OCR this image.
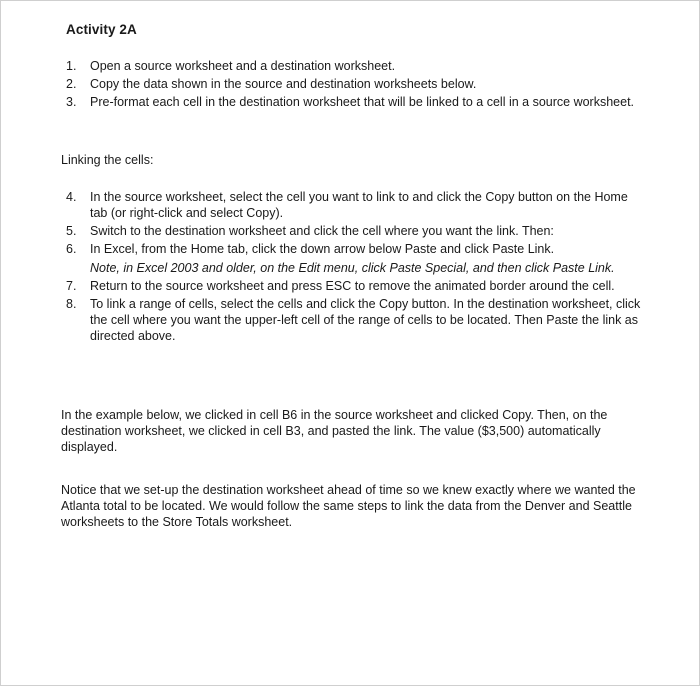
Activity 2A
1.	Open a source worksheet and a destination worksheet.
2.	Copy the data shown in the source and destination worksheets below.
3.	Pre-format each cell in the destination worksheet that will be linked to a cell in a source worksheet.

Linking the cells:

4.	In the source worksheet, select the cell you want to link to and click the Copy button on the Home tab (or right-click and select Copy).
5.	Switch to the destination worksheet and click the cell where you want the link. Then:
6.	In Excel, from the Home tab, click the down arrow below Paste and click Paste Link.
Note, in Excel 2003 and older, on the Edit menu, click Paste Special, and then click Paste Link.
7.	Return to the source worksheet and press ESC to remove the animated border around the cell.
8.	To link a range of cells, select the cells and click the Copy button. In the destination worksheet, click the cell where you want the upper-left cell of the range of cells to be located. Then Paste the link as directed above.

In the example below, we clicked in cell B6 in the source worksheet and clicked Copy. Then, on the destination worksheet, we clicked in cell B3, and pasted the link. The value ($3,500) automatically displayed.

Notice that we set-up the destination worksheet ahead of time so we knew exactly where we wanted the Atlanta total to be located. We would follow the same steps to link the data from the Denver and Seattle worksheets to the Store Totals worksheet.
